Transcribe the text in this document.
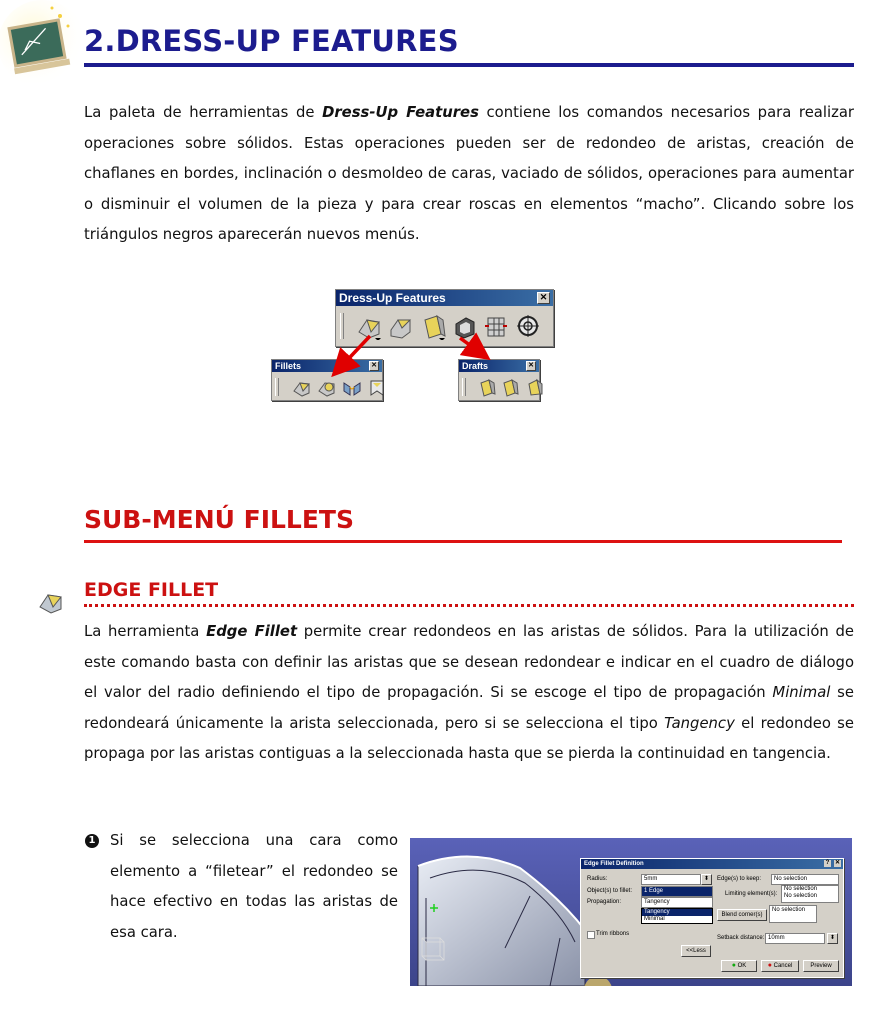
2.DRESS-UP FEATURES
La paleta de herramientas de Dress-Up Features contiene los comandos necesarios para realizar operaciones sobre sólidos. Estas operaciones pueden ser de redondeo de aristas, creación de chaflanes en bordes, inclinación o desmoldeo de caras, vaciado de sólidos, operaciones para aumentar o disminuir el volumen de la pieza y para crear roscas en elementos “macho”. Clicando sobre los triángulos negros aparecerán nuevos menús.
Dress-Up Features	✕

Fillets	✕
	Drafts	✕

SUB-MENÚ FILLETS
EDGE FILLET
La herramienta Edge Fillet permite crear redondeos en las aristas de sólidos. Para la utilización de este comando basta con definir las aristas que se desean redondear e indicar en el cuadro de diálogo el valor del radio definiendo el tipo de propagación. Si se escoge el tipo de propagación Minimal se redondeará únicamente la arista seleccionada, pero si se selecciona el tipo Tangency el redondeo se propaga por las aristas contiguas a la seleccionada hasta que se pierda la continuidad en tangencia.
1 Si se selecciona una cara como elemento a “filetear” el redondeo se hace efectivo en todas las aristas de esa cara.
Edge Fillet Definition	? ✕
Radius:	5mm	⬍
Object(s) to fillet:	1 Edge
Propagation:	Tangency
Tangency
Minimal
Trim ribbons
<<Less
Edge(s) to keep:	No selection
Limiting element(s):
No selection
No selection
Blend corner(s)
No selection
Setback distance: 10mm	⬍
● OK	● Cancel	Preview
